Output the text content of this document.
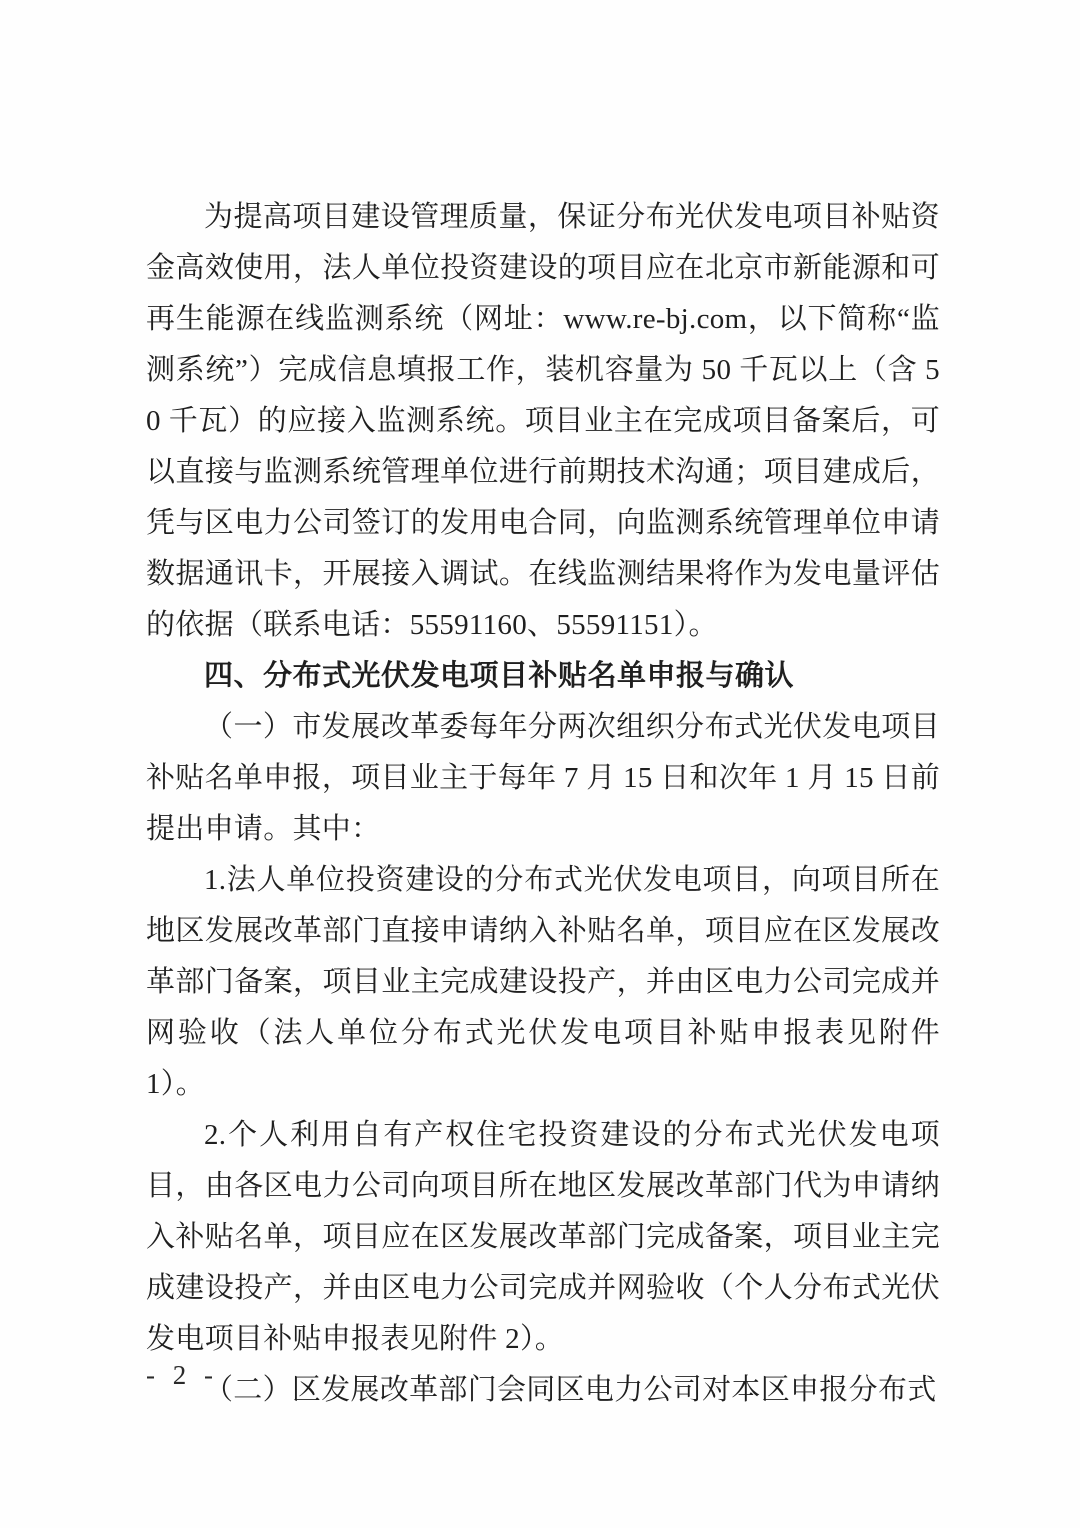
为提高项目建设管理质量，保证分布光伏发电项目补贴资金高效使用，法人单位投资建设的项目应在北京市新能源和可再生能源在线监测系统（网址：www.re-bj.com，以下简称“监测系统”）完成信息填报工作，装机容量为 50 千瓦以上（含 50 千瓦）的应接入监测系统。项目业主在完成项目备案后，可以直接与监测系统管理单位进行前期技术沟通；项目建成后，凭与区电力公司签订的发用电合同，向监测系统管理单位申请数据通讯卡，开展接入调试。在线监测结果将作为发电量评估的依据（联系电话：55591160、55591151）。

四、分布式光伏发电项目补贴名单申报与确认

（一）市发展改革委每年分两次组织分布式光伏发电项目补贴名单申报，项目业主于每年 7 月 15 日和次年 1 月 15 日前提出申请。其中：

1.法人单位投资建设的分布式光伏发电项目，向项目所在地区发展改革部门直接申请纳入补贴名单，项目应在区发展改革部门备案，项目业主完成建设投产，并由区电力公司完成并网验收（法人单位分布式光伏发电项目补贴申报表见附件 1）。

2.个人利用自有产权住宅投资建设的分布式光伏发电项目，由各区电力公司向项目所在地区发展改革部门代为申请纳入补贴名单，项目应在区发展改革部门完成备案，项目业主完成建设投产，并由区电力公司完成并网验收（个人分布式光伏发电项目补贴申报表见附件 2）。

（二）区发展改革部门会同区电力公司对本区申报分布式

- 2 -
